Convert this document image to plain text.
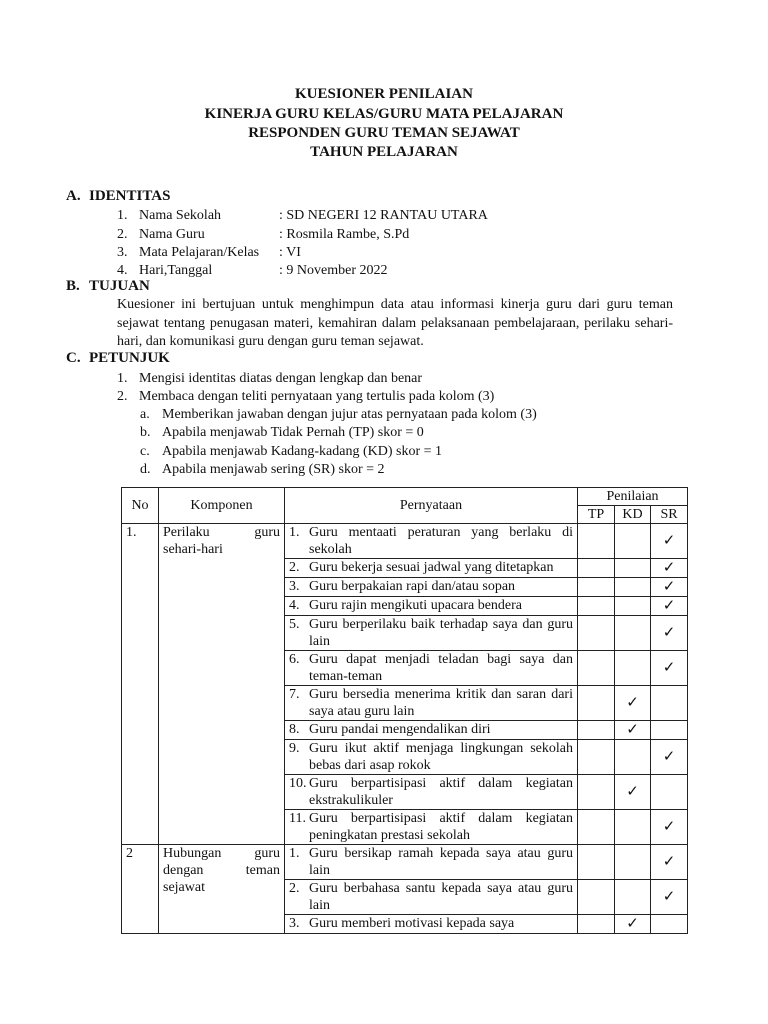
KUESIONER PENILAIAN
KINERJA GURU KELAS/GURU MATA PELAJARAN
RESPONDEN GURU TEMAN SEJAWAT
TAHUN PELAJARAN
A. IDENTITAS
1. Nama Sekolah	: SD NEGERI 12 RANTAU UTARA
2. Nama Guru	: Rosmila Rambe, S.Pd
3. Mata Pelajaran/Kelas : VI
4. Hari,Tanggal	: 9 November 2022
B. TUJUAN
Kuesioner ini bertujuan untuk menghimpun data atau informasi kinerja guru dari guru teman sejawat tentang penugasan materi, kemahiran dalam pelaksanaan pembelajaraan, perilaku sehari-hari, dan komunikasi guru dengan guru teman sejawat.
C. PETUNJUK
1. Mengisi identitas diatas dengan lengkap dan benar
2. Membaca dengan teliti pernyataan yang tertulis pada kolom (3)
a. Memberikan jawaban dengan jujur atas pernyataan pada kolom (3)
b. Apabila menjawab Tidak Pernah (TP) skor = 0
c. Apabila menjawab Kadang-kadang (KD) skor = 1
d. Apabila menjawab sering (SR) skor = 2
No	Komponen	Pernyataan	Penilaian		
			TP	KD	SR
1.	Perilaku guru sehari-hari	1. Guru mentaati peraturan yang berlaku di sekolah			✓

		2. Guru bekerja sesuai jadwal yang ditetapkan			✓

		3. Guru berpakaian rapi dan/atau sopan			✓

		4. Guru rajin mengikuti upacara bendera			✓

		5. Guru berperilaku baik terhadap saya dan guru lain			✓

		6. Guru dapat menjadi teladan bagi saya dan teman-teman			✓

		7. Guru bersedia menerima kritik dan saran dari saya atau guru lain		✓	

		8. Guru pandai mengendalikan diri		✓	

		9. Guru ikut aktif menjaga lingkungan sekolah bebas dari asap rokok			✓

		10. Guru berpartisipasi aktif dalam kegiatan ekstrakulikuler		✓	

		11. Guru berpartisipasi aktif dalam kegiatan peningkatan prestasi sekolah			✓
2	Hubungan guru dengan teman sejawat	1. Guru bersikap ramah kepada saya atau guru lain			✓

		2. Guru berbahasa santu kepada saya atau guru lain			✓

		3. Guru memberi motivasi kepada saya		✓	
